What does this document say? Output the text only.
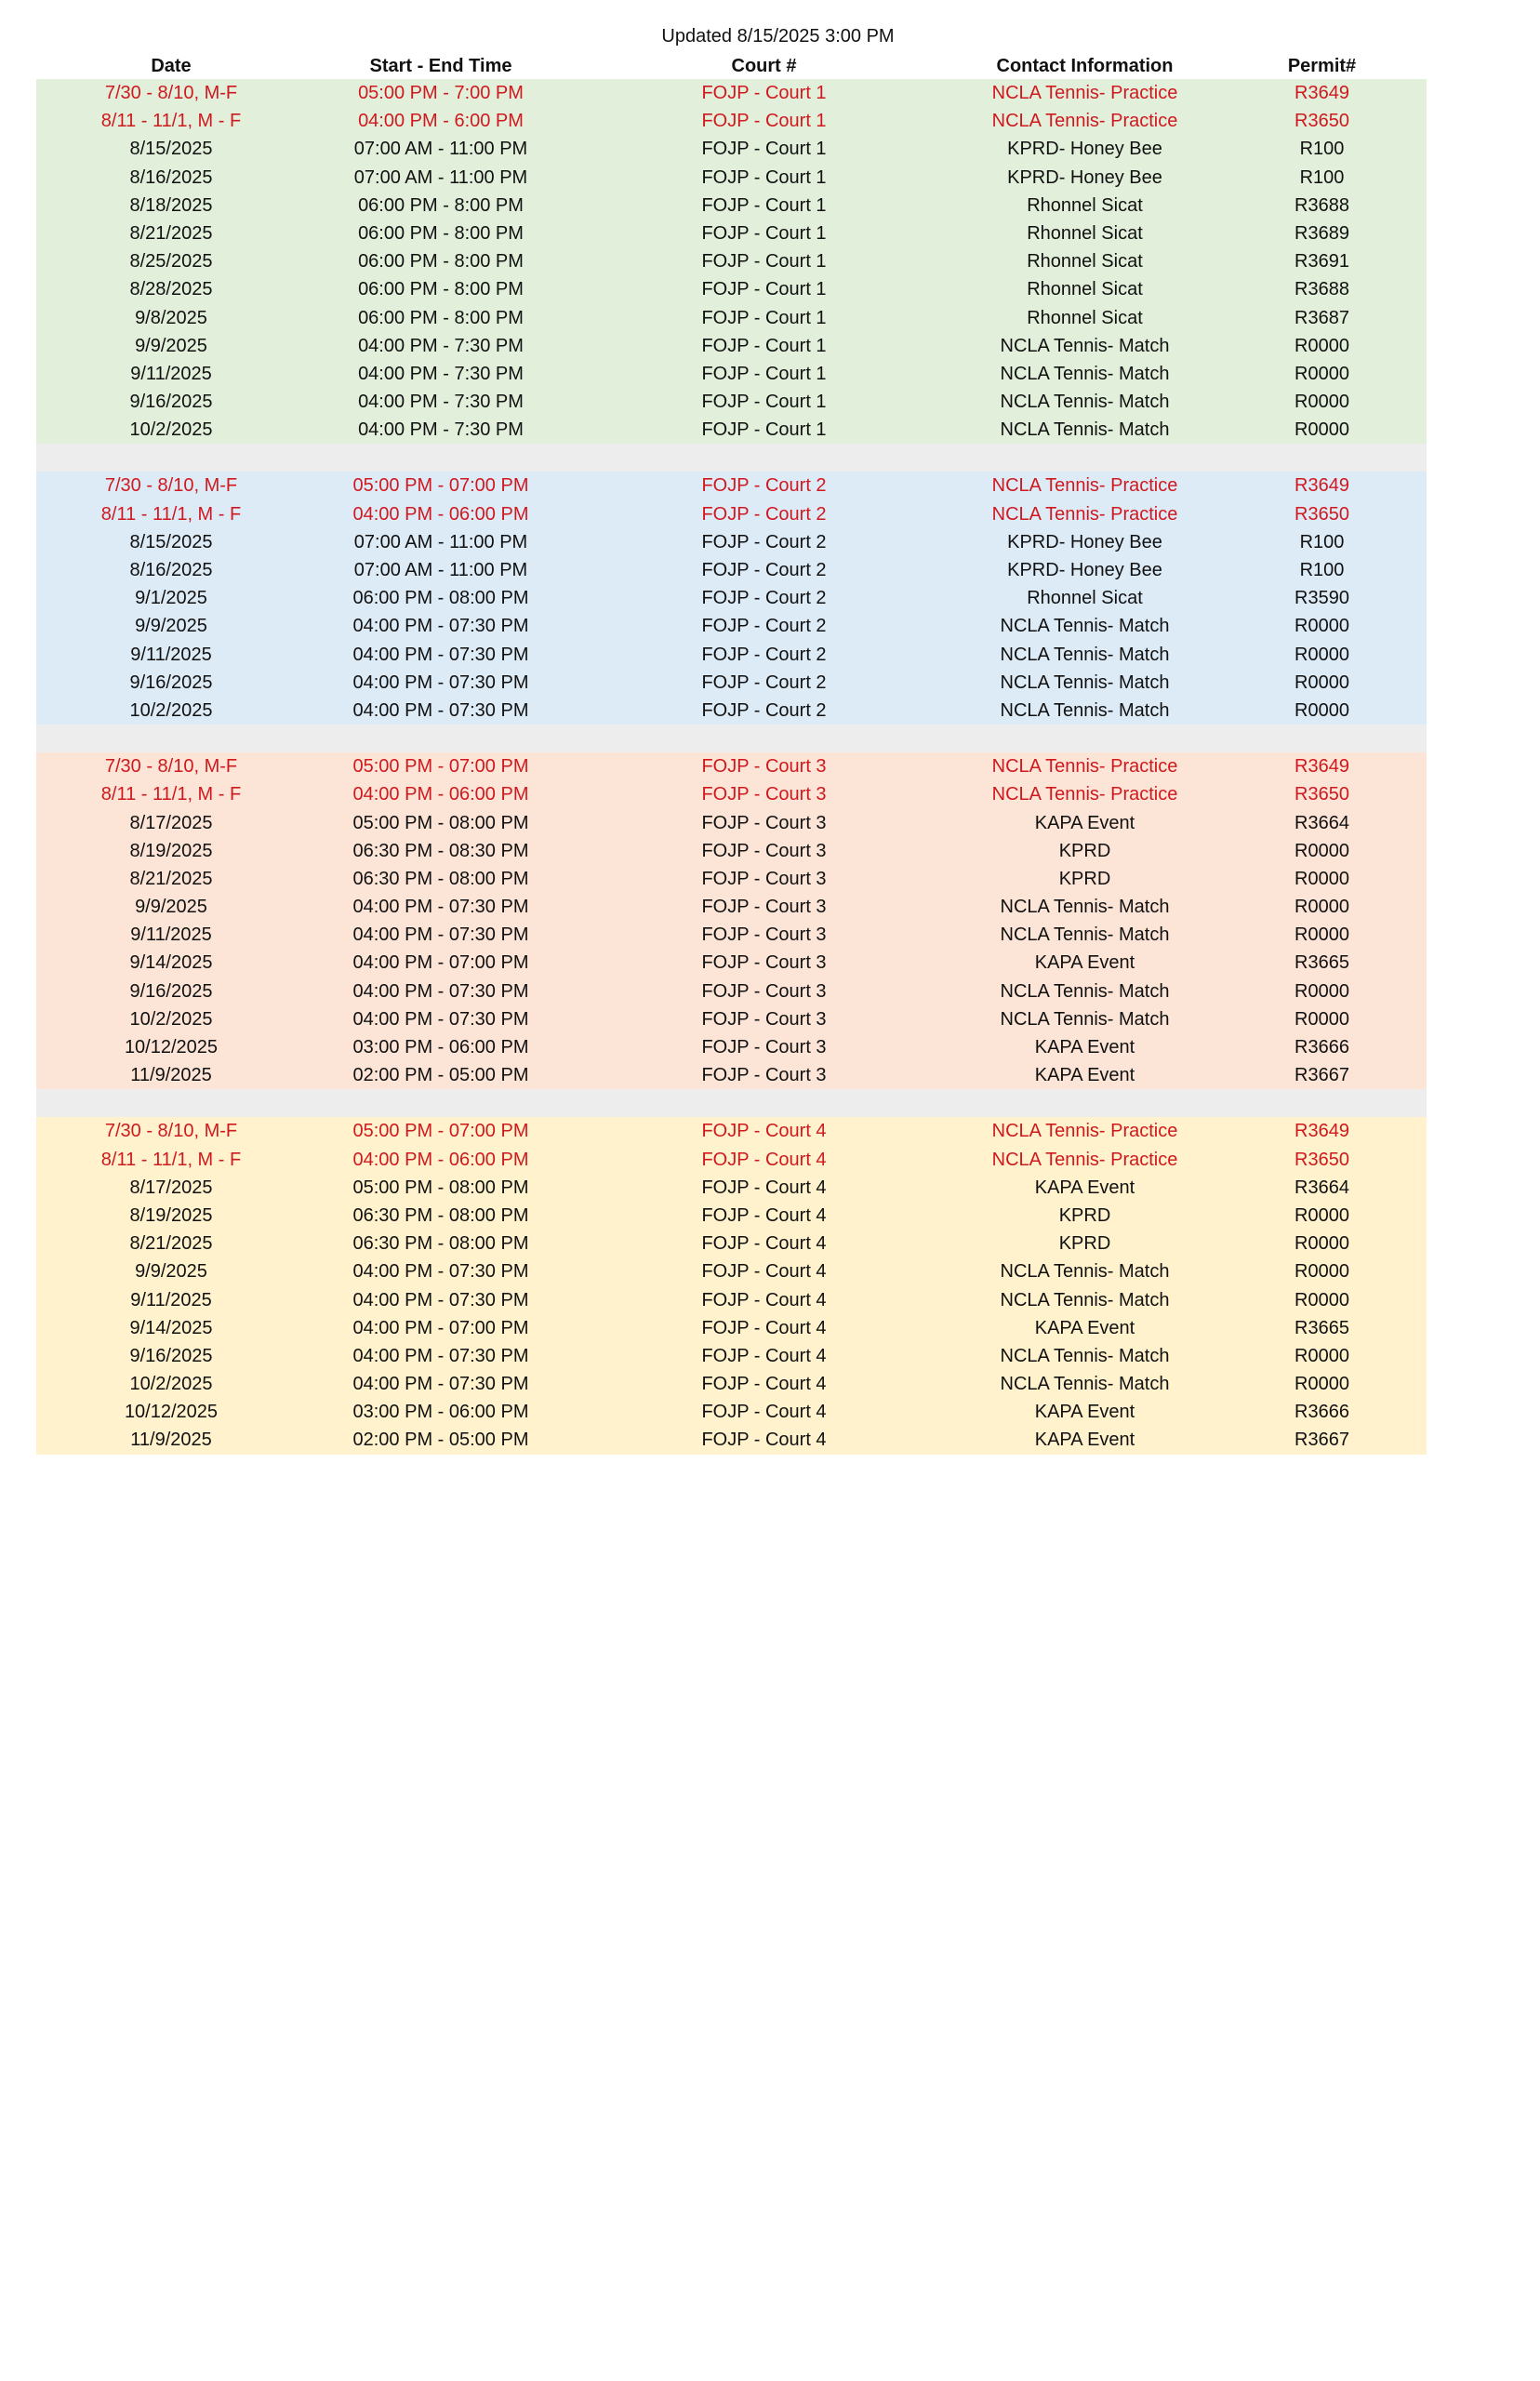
Updated 8/15/2025 3:00 PM
Date	Start - End Time	Court #	Contact Information	Permit#
7/30 - 8/10, M-F	05:00 PM - 7:00 PM	FOJP - Court 1	NCLA Tennis- Practice	R3649
8/11 - 11/1, M - F	04:00 PM - 6:00 PM	FOJP - Court 1	NCLA Tennis- Practice	R3650
8/15/2025	07:00 AM - 11:00 PM	FOJP - Court 1	KPRD- Honey Bee	R100
8/16/2025	07:00 AM - 11:00 PM	FOJP - Court 1	KPRD- Honey Bee	R100
8/18/2025	06:00 PM - 8:00 PM	FOJP - Court 1	Rhonnel Sicat	R3688
8/21/2025	06:00 PM - 8:00 PM	FOJP - Court 1	Rhonnel Sicat	R3689
8/25/2025	06:00 PM - 8:00 PM	FOJP - Court 1	Rhonnel Sicat	R3691
8/28/2025	06:00 PM - 8:00 PM	FOJP - Court 1	Rhonnel Sicat	R3688
9/8/2025	06:00 PM - 8:00 PM	FOJP - Court 1	Rhonnel Sicat	R3687
9/9/2025	04:00 PM - 7:30 PM	FOJP - Court 1	NCLA Tennis- Match	R0000
9/11/2025	04:00 PM - 7:30 PM	FOJP - Court 1	NCLA Tennis- Match	R0000
9/16/2025	04:00 PM - 7:30 PM	FOJP - Court 1	NCLA Tennis- Match	R0000
10/2/2025	04:00 PM - 7:30 PM	FOJP - Court 1	NCLA Tennis- Match	R0000
7/30 - 8/10, M-F	05:00 PM - 07:00 PM	FOJP - Court 2	NCLA Tennis- Practice	R3649
8/11 - 11/1, M - F	04:00 PM - 06:00 PM	FOJP - Court 2	NCLA Tennis- Practice	R3650
8/15/2025	07:00 AM - 11:00 PM	FOJP - Court 2	KPRD- Honey Bee	R100
8/16/2025	07:00 AM - 11:00 PM	FOJP - Court 2	KPRD- Honey Bee	R100
9/1/2025	06:00 PM - 08:00 PM	FOJP - Court 2	Rhonnel Sicat	R3590
9/9/2025	04:00 PM - 07:30 PM	FOJP - Court 2	NCLA Tennis- Match	R0000
9/11/2025	04:00 PM - 07:30 PM	FOJP - Court 2	NCLA Tennis- Match	R0000
9/16/2025	04:00 PM - 07:30 PM	FOJP - Court 2	NCLA Tennis- Match	R0000
10/2/2025	04:00 PM - 07:30 PM	FOJP - Court 2	NCLA Tennis- Match	R0000
7/30 - 8/10, M-F	05:00 PM - 07:00 PM	FOJP - Court 3	NCLA Tennis- Practice	R3649
8/11 - 11/1, M - F	04:00 PM - 06:00 PM	FOJP - Court 3	NCLA Tennis- Practice	R3650
8/17/2025	05:00 PM - 08:00 PM	FOJP - Court 3	KAPA Event	R3664
8/19/2025	06:30 PM - 08:30 PM	FOJP - Court 3	KPRD	R0000
8/21/2025	06:30 PM - 08:00 PM	FOJP - Court 3	KPRD	R0000
9/9/2025	04:00 PM - 07:30 PM	FOJP - Court 3	NCLA Tennis- Match	R0000
9/11/2025	04:00 PM - 07:30 PM	FOJP - Court 3	NCLA Tennis- Match	R0000
9/14/2025	04:00 PM - 07:00 PM	FOJP - Court 3	KAPA Event	R3665
9/16/2025	04:00 PM - 07:30 PM	FOJP - Court 3	NCLA Tennis- Match	R0000
10/2/2025	04:00 PM - 07:30 PM	FOJP - Court 3	NCLA Tennis- Match	R0000
10/12/2025	03:00 PM - 06:00 PM	FOJP - Court 3	KAPA Event	R3666
11/9/2025	02:00 PM - 05:00 PM	FOJP - Court 3	KAPA Event	R3667
7/30 - 8/10, M-F	05:00 PM - 07:00 PM	FOJP - Court 4	NCLA Tennis- Practice	R3649
8/11 - 11/1, M - F	04:00 PM - 06:00 PM	FOJP - Court 4	NCLA Tennis- Practice	R3650
8/17/2025	05:00 PM - 08:00 PM	FOJP - Court 4	KAPA Event	R3664
8/19/2025	06:30 PM - 08:00 PM	FOJP - Court 4	KPRD	R0000
8/21/2025	06:30 PM - 08:00 PM	FOJP - Court 4	KPRD	R0000
9/9/2025	04:00 PM - 07:30 PM	FOJP - Court 4	NCLA Tennis- Match	R0000
9/11/2025	04:00 PM - 07:30 PM	FOJP - Court 4	NCLA Tennis- Match	R0000
9/14/2025	04:00 PM - 07:00 PM	FOJP - Court 4	KAPA Event	R3665
9/16/2025	04:00 PM - 07:30 PM	FOJP - Court 4	NCLA Tennis- Match	R0000
10/2/2025	04:00 PM - 07:30 PM	FOJP - Court 4	NCLA Tennis- Match	R0000
10/12/2025	03:00 PM - 06:00 PM	FOJP - Court 4	KAPA Event	R3666
11/9/2025	02:00 PM - 05:00 PM	FOJP - Court 4	KAPA Event	R3667
